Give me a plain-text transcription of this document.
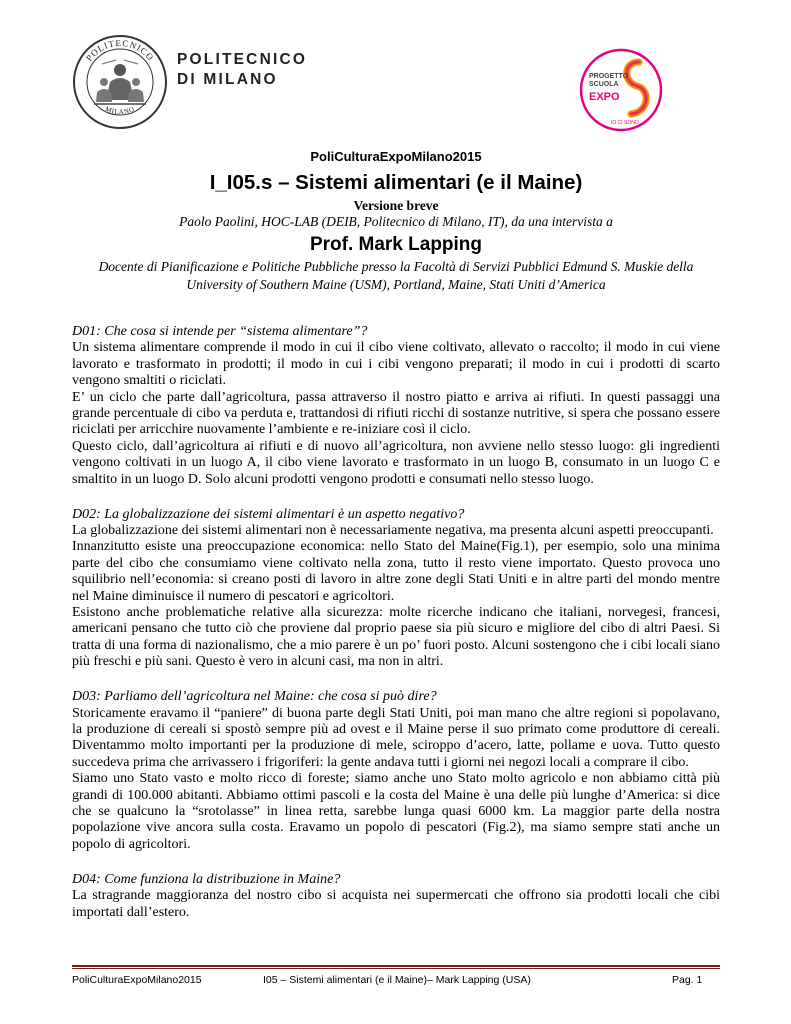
POLITECNICO
MILANO
POLITECNICO
DI MILANO	PROGETTO
SCUOLA
EXPO
IO CI SONO
PoliCulturaExpoMilano2015
I_I05.s – Sistemi alimentari (e il Maine)
Versione breve
Paolo Paolini, HOC-LAB (DEIB, Politecnico di Milano, IT), da una intervista a
Prof. Mark Lapping
Docente di Pianificazione e Politiche Pubbliche presso la Facoltà di Servizi Pubblici Edmund S. Muskie della University of Southern Maine (USM), Portland, Maine, Stati Uniti d’America

D01: Che cosa si intende per “sistema alimentare”?

Un sistema alimentare comprende il modo in cui il cibo viene coltivato, allevato o raccolto; il modo in cui viene lavorato e trasformato in prodotti; il modo in cui i cibi vengono preparati; il modo in cui i prodotti di scarto vengono smaltiti o riciclati.

E’ un ciclo che parte dall’agricoltura, passa attraverso il nostro piatto e arriva ai rifiuti. In questi passaggi una grande percentuale di cibo va perduta e, trattandosi di rifiuti ricchi di sostanze nutritive, si spera che possano essere riciclati per arricchire nuovamente l’ambiente e re-iniziare così il ciclo.

Questo ciclo, dall’agricoltura ai rifiuti e di nuovo all’agricoltura, non avviene nello stesso luogo: gli ingredienti vengono coltivati in un luogo A, il cibo viene lavorato e trasformato in un luogo B, consumato in un luogo C e smaltito in un luogo D. Solo alcuni prodotti vengono prodotti e consumati nello stesso luogo.

D02: La globalizzazione dei sistemi alimentari è un aspetto negativo?

La globalizzazione dei sistemi alimentari non è necessariamente negativa, ma presenta alcuni aspetti preoccupanti.

Innanzitutto esiste una preoccupazione economica: nello Stato del Maine(Fig.1), per esempio, solo una minima parte del cibo che consumiamo viene coltivato nella zona, tutto il resto viene importato. Questo provoca uno squilibrio nell’economia: si creano posti di lavoro in altre zone degli Stati Uniti e in altre parti del mondo mentre nel Maine diminuisce il numero di pescatori e agricoltori.

Esistono anche problematiche relative alla sicurezza: molte ricerche indicano che italiani, norvegesi, francesi, americani pensano che tutto ciò che proviene dal proprio paese sia più sicuro e migliore del cibo di altri Paesi. Si tratta di una forma di nazionalismo, che a mio parere è un po’ fuori posto. Alcuni sostengono che i cibi locali siano più freschi e più sani. Questo è vero in alcuni casi, ma non in altri.

D03: Parliamo dell’agricoltura nel Maine: che cosa si può dire?

Storicamente eravamo il “paniere” di buona parte degli Stati Uniti, poi man mano che altre regioni si popolavano, la produzione di cereali si spostò sempre più ad ovest e il Maine perse il suo primato come produttore di cereali. Diventammo molto importanti per la produzione di mele, sciroppo d’acero, latte, pollame e uova. Tutto questo succedeva prima che arrivassero i frigoriferi: la gente andava tutti i giorni nei negozi locali a comprare il cibo.

Siamo uno Stato vasto e molto ricco di foreste; siamo anche uno Stato molto agricolo e non abbiamo città più grandi di 100.000 abitanti. Abbiamo ottimi pascoli e la costa del Maine è una delle più lunghe d’America: si dice che se qualcuno la “srotolasse” in linea retta, sarebbe lunga quasi 6000 km. La maggior parte della nostra popolazione vive ancora sulla costa. Eravamo un popolo di pescatori (Fig.2), ma siamo sempre stati anche un popolo di agricoltori.

D04: Come funziona la distribuzione in Maine?

La stragrande maggioranza del nostro cibo si acquista nei supermercati che offrono sia prodotti locali che cibi importati dall’estero.

PoliCulturaExpoMilano2015	I05 – Sistemi alimentari (e il Maine)– Mark Lapping (USA)	Pag. 1
